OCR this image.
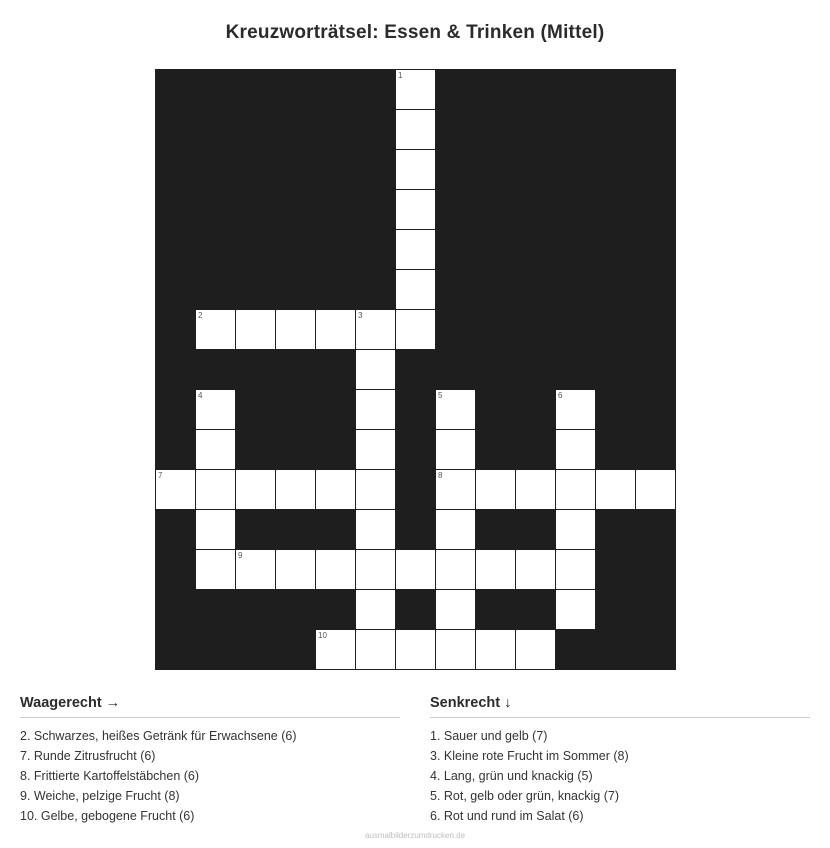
Kreuzworträtsel: Essen & Trinken (Mittel)

						1						

	2				3							

	4						5			6		

7							8					

		9										

				10								

Waagerecht →
2. Schwarzes, heißes Getränk für Erwachsene (6)
7. Runde Zitrusfrucht (6)
8. Frittierte Kartoffelstäbchen (6)
9. Weiche, pelzige Frucht (8)
10. Gelbe, gebogene Frucht (6)
Senkrecht ↓
1. Sauer und gelb (7)
3. Kleine rote Frucht im Sommer (8)
4. Lang, grün und knackig (5)
5. Rot, gelb oder grün, knackig (7)
6. Rot und rund im Salat (6)
ausmalbilderzumdrucken.de
